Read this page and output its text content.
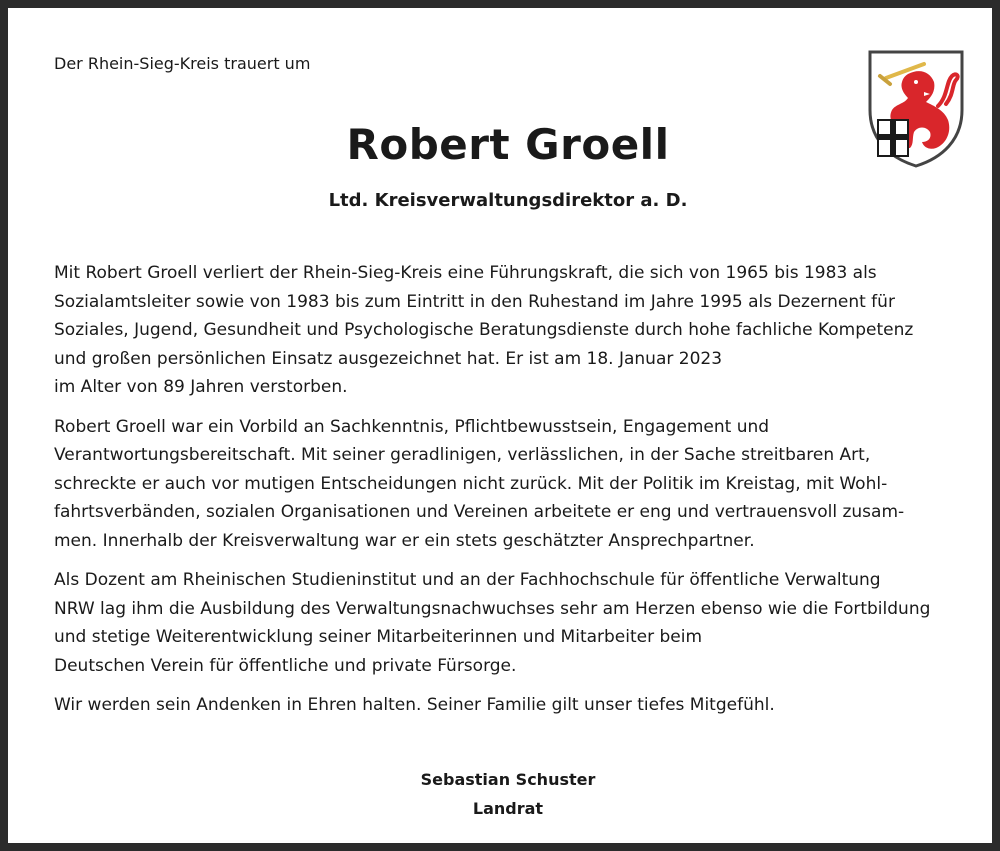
Der Rhein-Sieg-Kreis trauert um
Robert Groell
Ltd. Kreisverwaltungsdirektor a. D.
Mit Robert Groell verliert der Rhein-Sieg-Kreis eine Führungskraft, die sich von 1965 bis 1983 als
Sozialamtsleiter sowie von 1983 bis zum Eintritt in den Ruhestand im Jahre 1995 als Dezernent für
Soziales, Jugend, Gesundheit und Psychologische Beratungsdienste durch hohe fachliche Kompetenz
und großen persönlichen Einsatz ausgezeichnet hat. Er ist am 18. Januar 2023
im Alter von 89 Jahren verstorben.
Robert Groell war ein Vorbild an Sachkenntnis, Pflichtbewusstsein, Engagement und
Verantwortungsbereitschaft. Mit seiner geradlinigen, verlässlichen, in der Sache streitbaren Art,
schreckte er auch vor mutigen Entscheidungen nicht zurück. Mit der Politik im Kreistag, mit Wohl-
fahrtsverbänden, sozialen Organisationen und Vereinen arbeitete er eng und vertrauensvoll zusam-
men. Innerhalb der Kreisverwaltung war er ein stets geschätzter Ansprechpartner.
Als Dozent am Rheinischen Studieninstitut und an der Fachhochschule für öffentliche Verwaltung
NRW lag ihm die Ausbildung des Verwaltungsnachwuchses sehr am Herzen ebenso wie die Fortbildung
und stetige Weiterentwicklung seiner Mitarbeiterinnen und Mitarbeiter beim
Deutschen Verein für öffentliche und private Fürsorge.
Wir werden sein Andenken in Ehren halten. Seiner Familie gilt unser tiefes Mitgefühl.
Sebastian Schuster
Landrat
